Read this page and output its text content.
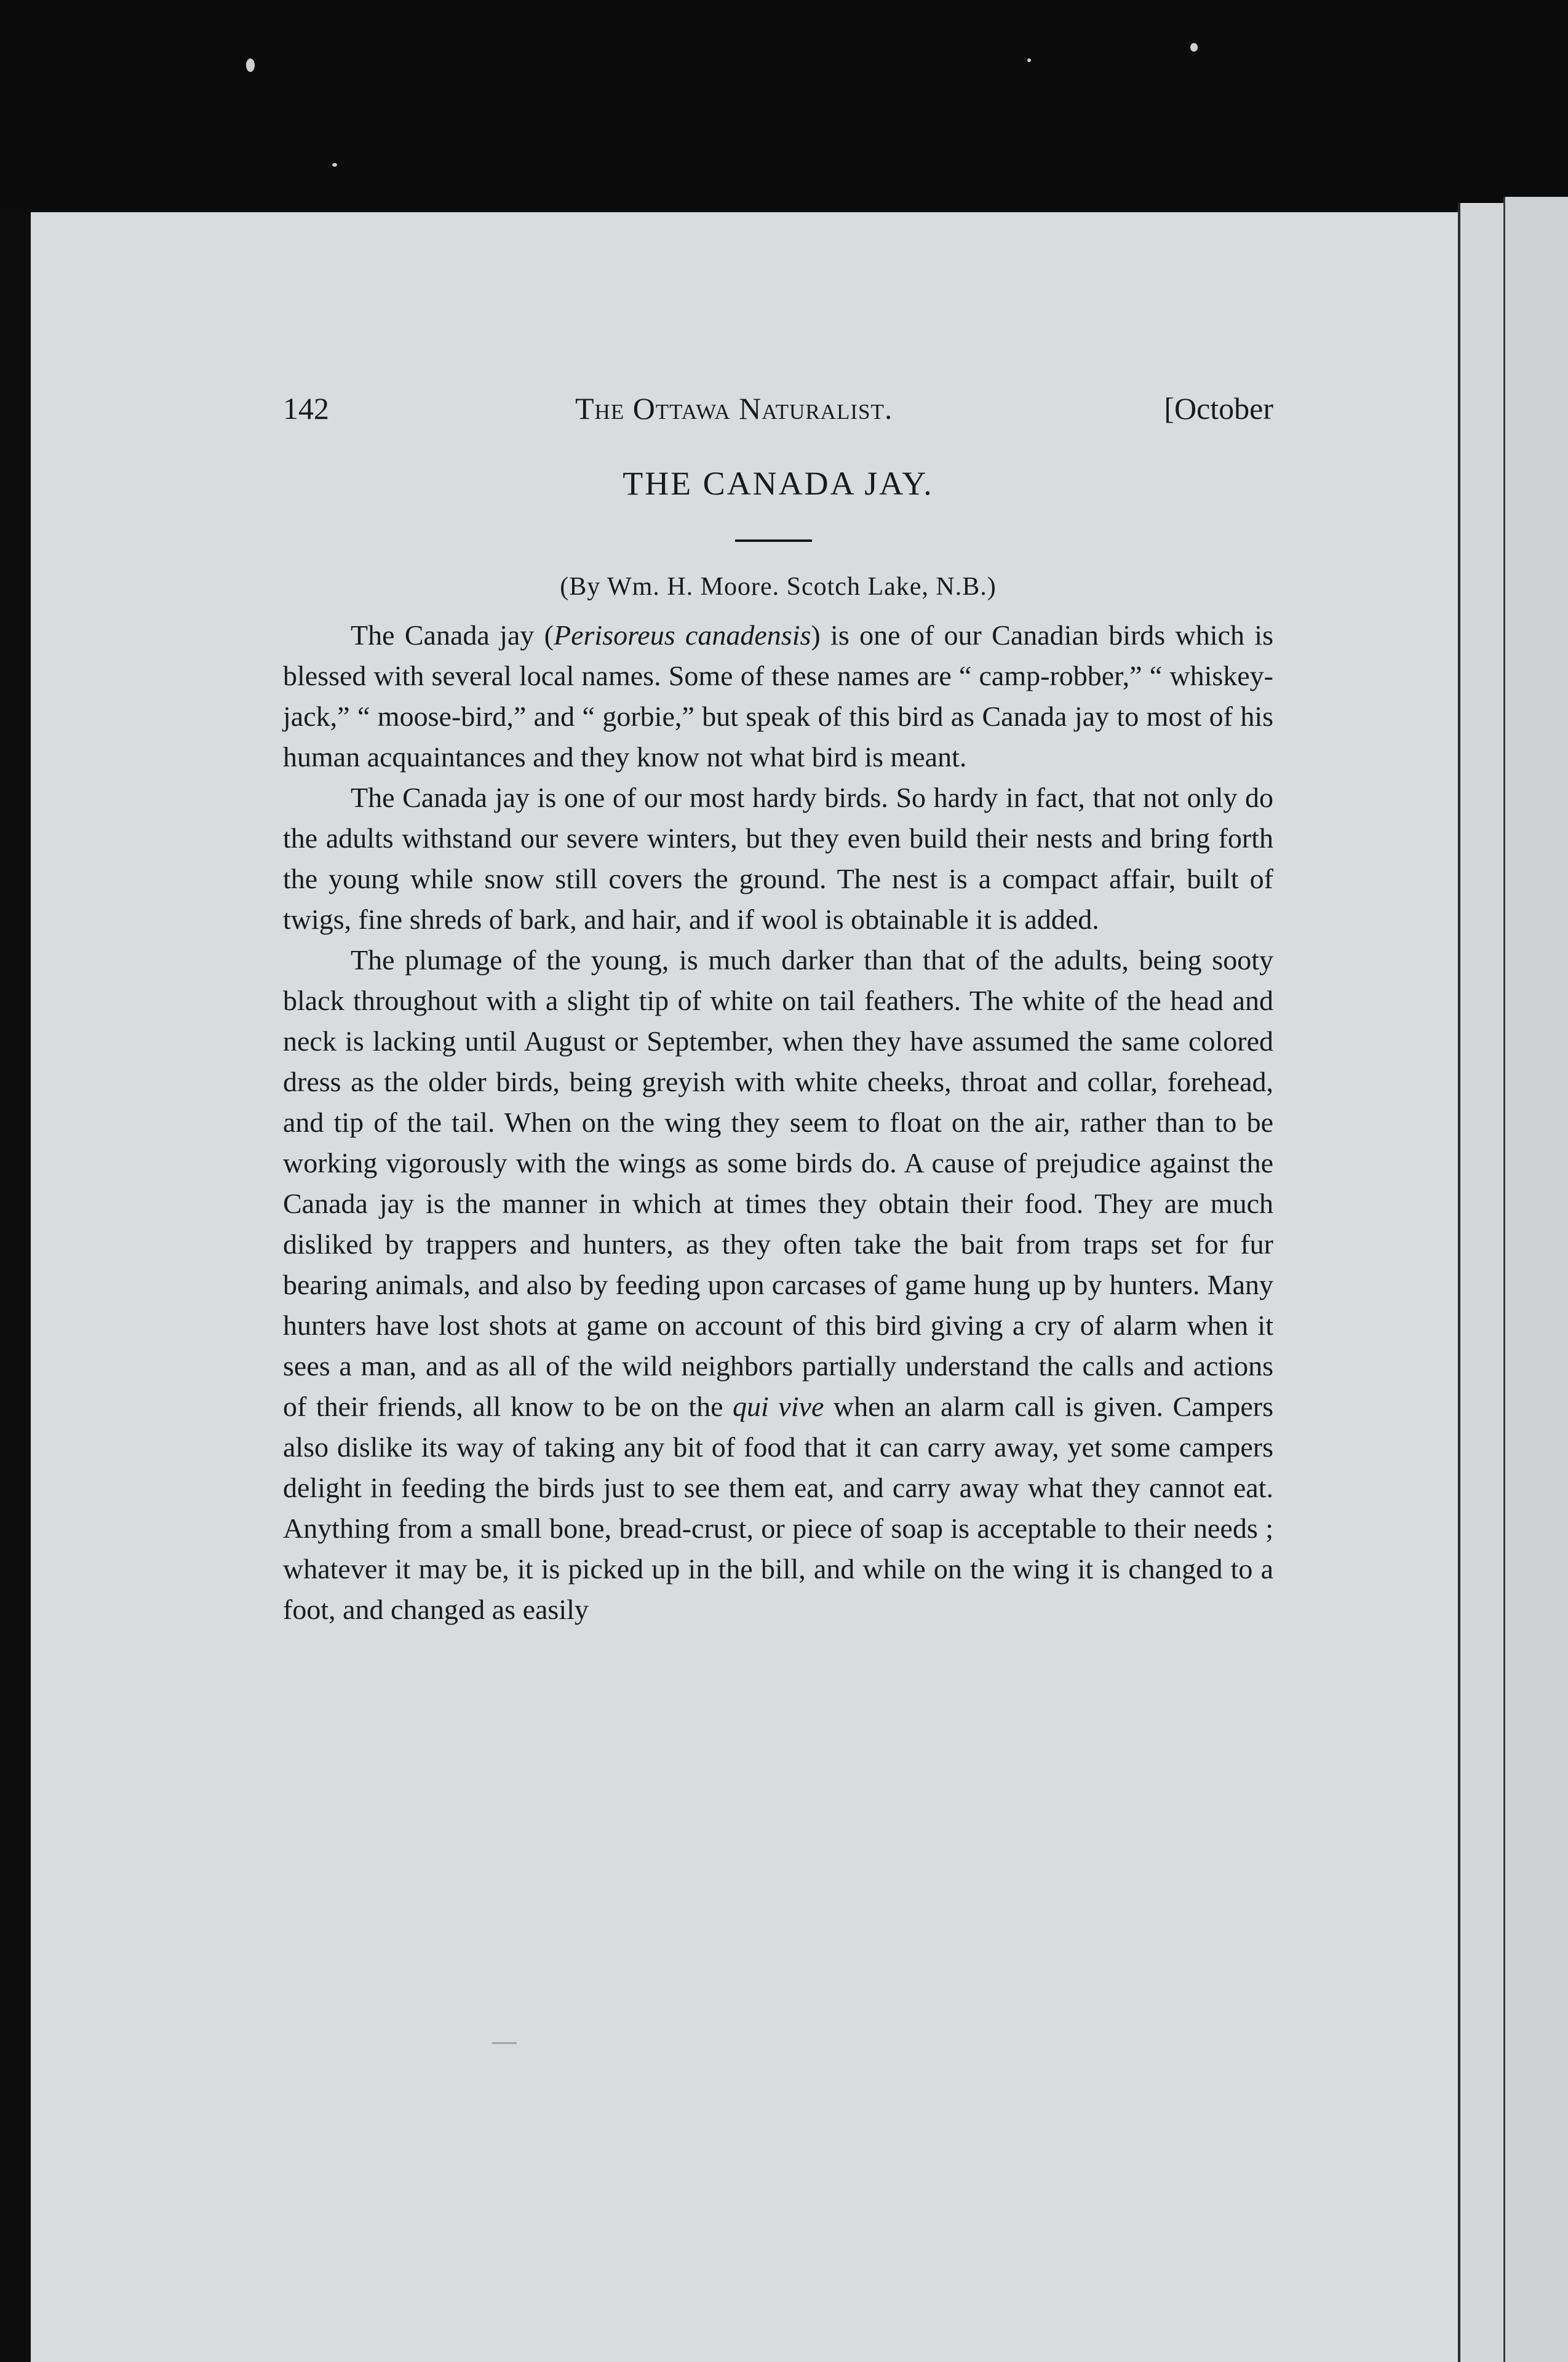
142	The Ottawa Naturalist.	[October
THE CANADA JAY.
(By Wm. H. Moore. Scotch Lake, N.B.)

The Canada jay (Perisoreus canadensis) is one of our Canadian birds which is blessed with several local names. Some of these names are “ camp-robber,” “ whiskey-jack,” “ moose-bird,” and “ gorbie,” but speak of this bird as Canada jay to most of his human acquaintances and they know not what bird is meant.

The Canada jay is one of our most hardy birds. So hardy in fact, that not only do the adults withstand our severe winters, but they even build their nests and bring forth the young while snow still covers the ground. The nest is a compact affair, built of twigs, fine shreds of bark, and hair, and if wool is obtainable it is added.

The plumage of the young, is much darker than that of the adults, being sooty black throughout with a slight tip of white on tail feathers. The white of the head and neck is lacking until August or September, when they have assumed the same colored dress as the older birds, being greyish with white cheeks, throat and collar, forehead, and tip of the tail. When on the wing they seem to float on the air, rather than to be working vigorously with the wings as some birds do. A cause of prejudice against the Canada jay is the manner in which at times they obtain their food. They are much disliked by trappers and hunters, as they often take the bait from traps set for fur bearing animals, and also by feeding upon carcases of game hung up by hunters. Many hunters have lost shots at game on account of this bird giving a cry of alarm when it sees a man, and as all of the wild neighbors partially understand the calls and actions of their friends, all know to be on the qui vive when an alarm call is given. Campers also dislike its way of taking any bit of food that it can carry away, yet some campers delight in feeding the birds just to see them eat, and carry away what they cannot eat. Anything from a small bone, bread-crust, or piece of soap is acceptable to their needs ; whatever it may be, it is picked up in the bill, and while on the wing it is changed to a foot, and changed as easily
